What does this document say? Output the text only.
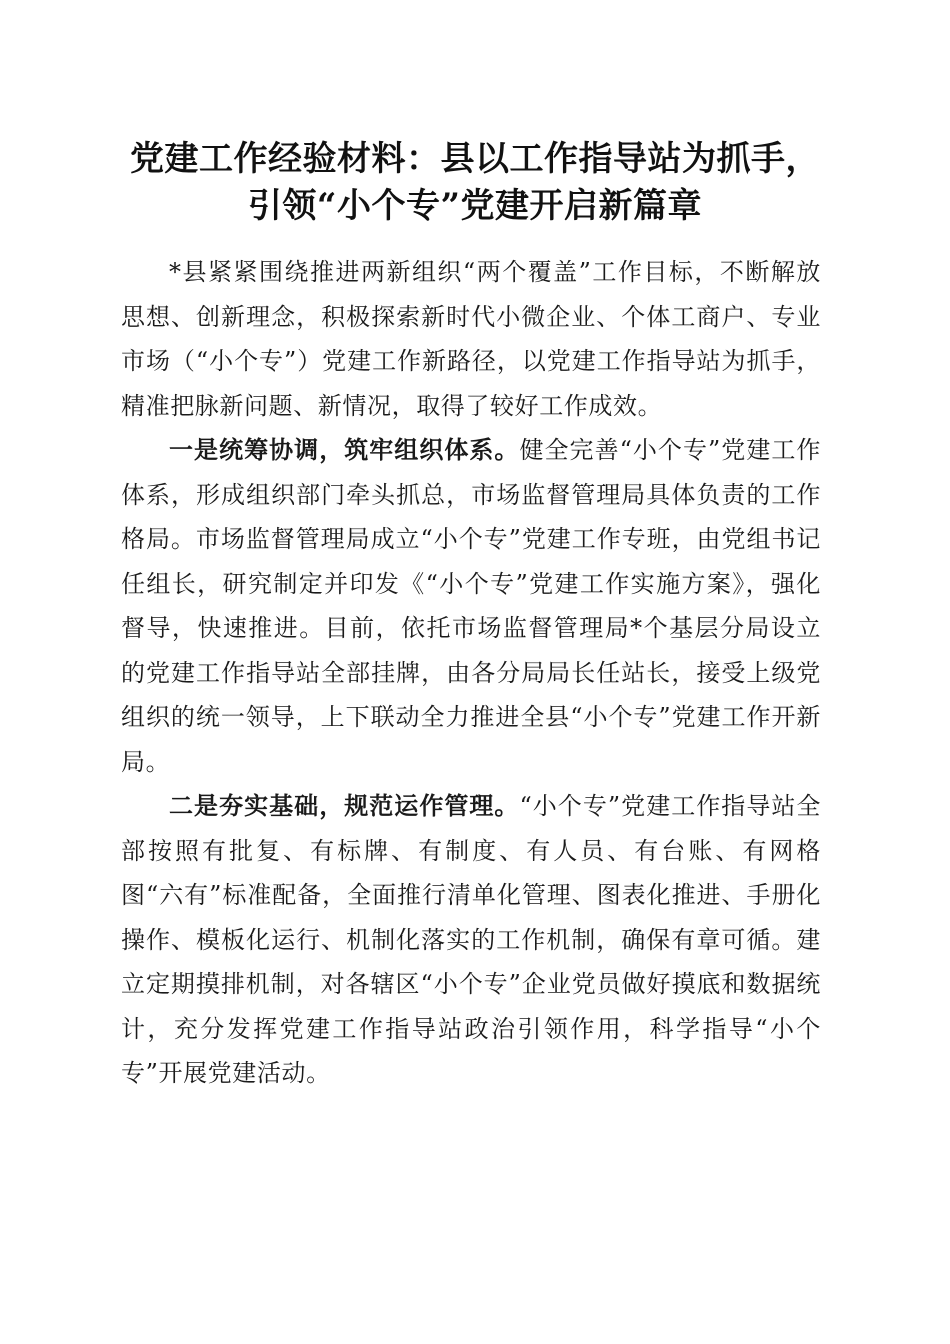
党建工作经验材料：县以工作指导站为抓手，
引领“小个专”党建开启新篇章

*县紧紧围绕推进两新组织“两个覆盖”工作目标，不断解放思想、创新理念，积极探索新时代小微企业、个体工商户、专业市场（“小个专”）党建工作新路径，以党建工作指导站为抓手，精准把脉新问题、新情况，取得了较好工作成效。

一是统筹协调，筑牢组织体系。健全完善“小个专”党建工作体系，形成组织部门牵头抓总，市场监督管理局具体负责的工作格局。市场监督管理局成立“小个专”党建工作专班，由党组书记任组长，研究制定并印发《“小个专”党建工作实施方案》，强化督导，快速推进。目前，依托市场监督管理局*个基层分局设立的党建工作指导站全部挂牌，由各分局局长任站长，接受上级党组织的统一领导，上下联动全力推进全县“小个专”党建工作开新局。

二是夯实基础，规范运作管理。“小个专”党建工作指导站全部按照有批复、有标牌、有制度、有人员、有台账、有网格图“六有”标准配备，全面推行清单化管理、图表化推进、手册化操作、模板化运行、机制化落实的工作机制，确保有章可循。建立定期摸排机制，对各辖区“小个专”企业党员做好摸底和数据统计，充分发挥党建工作指导站政治引领作用，科学指导“小个专”开展党建活动。
